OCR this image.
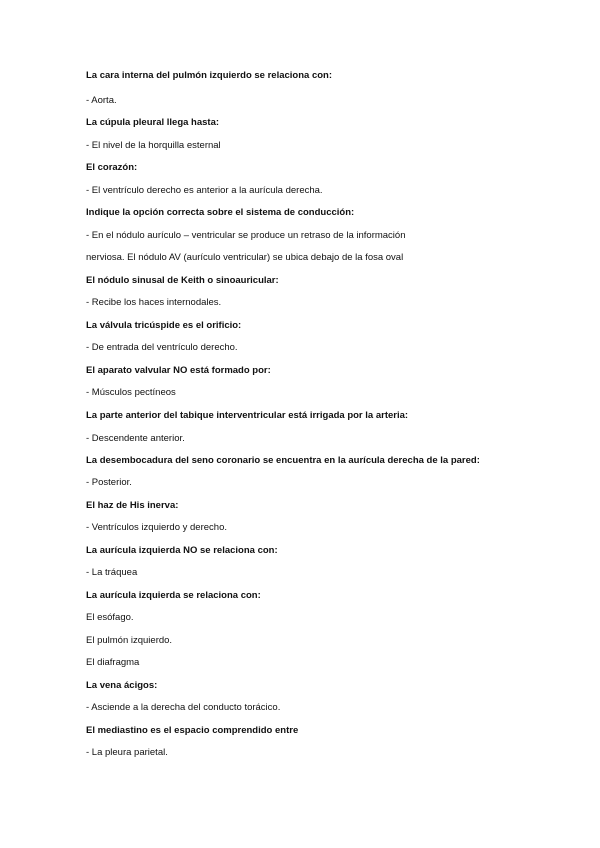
La cara interna del pulmón izquierdo se relaciona con:
- Aorta.
La cúpula pleural llega hasta:
- El nivel de la horquilla esternal
El corazón:
- El ventrículo derecho es anterior a la aurícula derecha.
Indique la opción correcta sobre el sistema de conducción:
- En el nódulo aurículo – ventricular se produce un retraso de la información
nerviosa. El nódulo AV (aurículo ventricular) se ubica debajo de la fosa oval
El nódulo sinusal de Keith o sinoauricular:
- Recibe los haces internodales.
La válvula tricúspide es el orificio:
- De entrada del ventrículo derecho.
El aparato valvular NO está formado por:
- Músculos pectíneos
La parte anterior del tabique interventricular está irrigada por la arteria:
- Descendente anterior.
La desembocadura del seno coronario se encuentra en la aurícula derecha de la pared:
- Posterior.
El haz de His inerva:
- Ventrículos izquierdo y derecho.
La aurícula izquierda NO se relaciona con:
- La tráquea
La aurícula izquierda se relaciona con:
El esófago.
El pulmón izquierdo.
El diafragma
La vena ácigos:
- Asciende a la derecha del conducto torácico.
El mediastino es el espacio comprendido entre
- La pleura parietal.
